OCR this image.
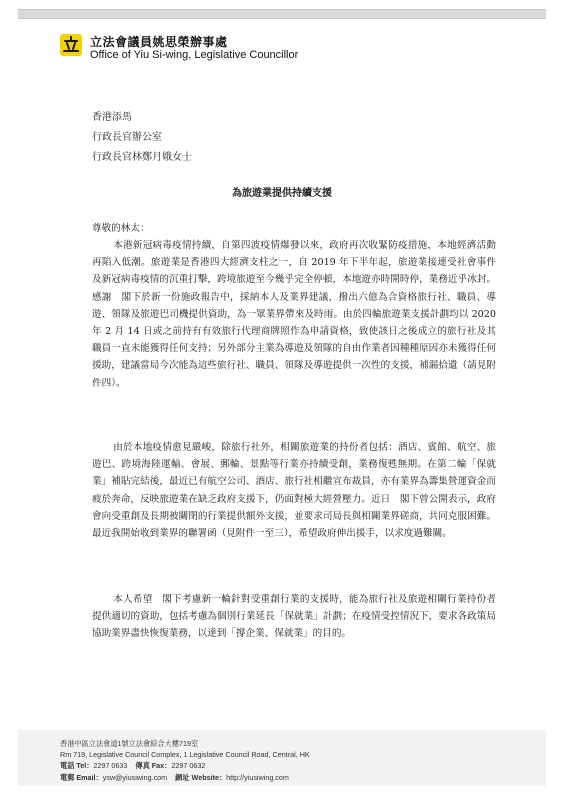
立法會議員姚思榮辦事處
Office of Yiu Si-wing, Legislative Councillor
香港添馬
行政長官辦公室
行政長官林鄭月娥女士
為旅遊業提供持續支援
尊敬的林太：
本港新冠病毒疫情持續，自第四波疫情爆發以來，政府再次收緊防疫措施，本地經濟活動再陷入低潮。旅遊業是香港四大經濟支柱之一，自 2019 年下半年起，旅遊業接連受社會事件及新冠病毒疫情的沉重打擊，跨境旅遊至今幾乎完全停頓，本地遊亦時開時停，業務近乎冰封。感謝　閣下於新一份施政報告中，採納本人及業界建議，撥出六億為合資格旅行社、職員、導遊、領隊及旅遊巴司機提供資助，為一眾業界帶來及時雨。由於四輪旅遊業支援計劃均以 2020 年 2 月 14 日或之前持有有效旅行代理商牌照作為申請資格，致使該日之後成立的旅行社及其職員一直未能獲得任何支持；另外部分主業為導遊及領隊的自由作業者因種種原因亦未獲得任何援助，建議當局今次能為這些旅行社、職員、領隊及導遊提供一次性的支援，補漏拾遺（請見附件四）。
由於本地疫情愈見嚴峻，除旅行社外，相關旅遊業的持份者包括：酒店、賓館、航空、旅遊巴、跨境海陸運輸、會展、郵輪、景點等行業亦持續受創，業務復甦無期。在第二輪「保就業」補貼完結後，最近已有航空公司、酒店、旅行社相繼宣布裁員，亦有業界為籌集營運資金而疲於奔命，反映旅遊業在缺乏政府支援下，仍面對極大經營壓力。近日　閣下曾公開表示，政府會向受重創及長期被關閉的行業提供額外支援，並要求司局長與相關業界磋商，共同克服困難。最近我開始收到業界的聯署函（見附件一至三），希望政府伸出援手，以求度過難關。
本人希望　閣下考慮新一輪針對受重創行業的支援時，能為旅行社及旅遊相關行業持份者提供適切的資助，包括考慮為個別行業延長「保就業」計劃；在疫情受控情況下，要求各政策局協助業界盡快恢復業務，以達到「撐企業、保就業」的目的。
香港中區立法會道1號立法會綜合大樓719室
Rm 719, Legislative Council Complex, 1 Legislative Council Road, Central, HK
電話 Tel：2297 0633 傳真 Fax：2297 0632
電郵 Email：ysw@yiusiwing.com 網址 Website：http://yiusiwing.com
